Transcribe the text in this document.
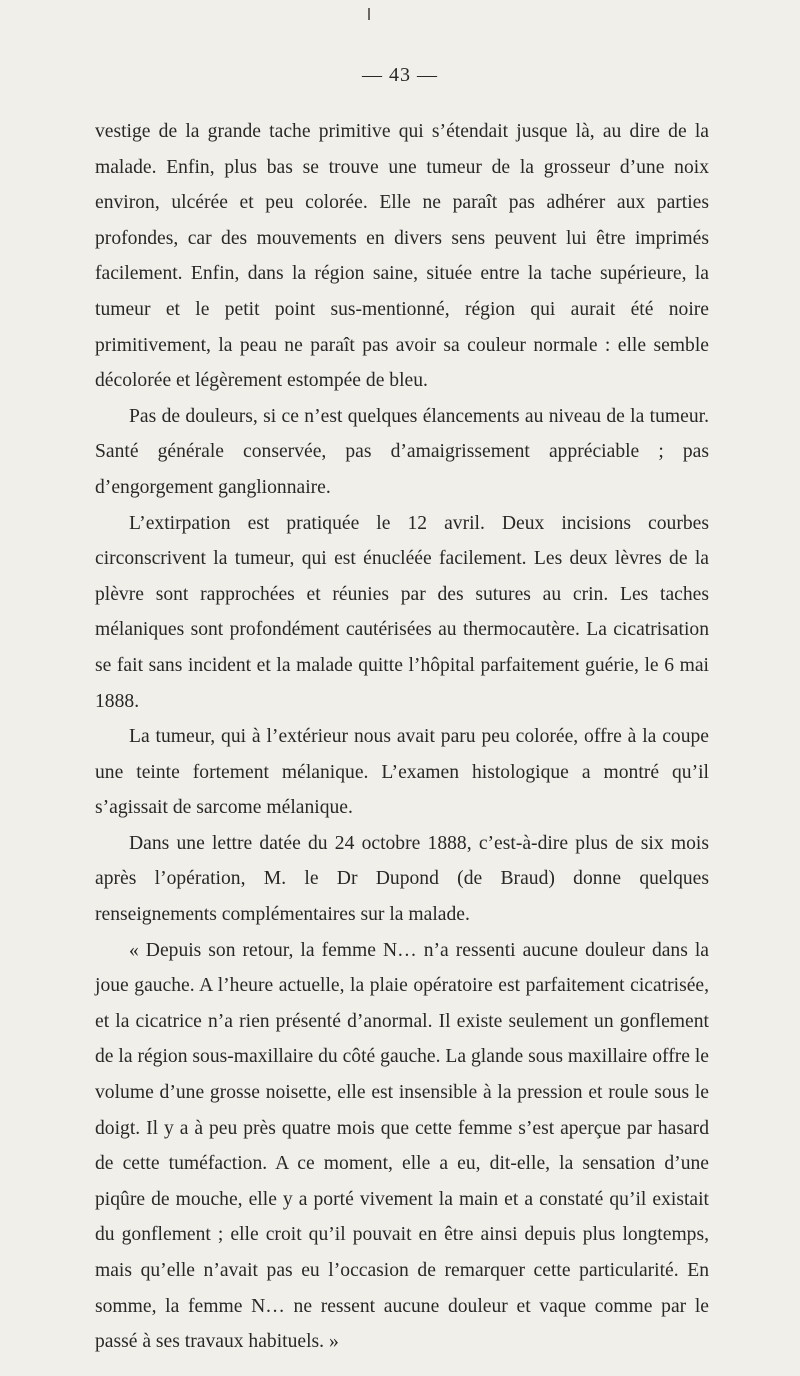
— 43 —

vestige de la grande tache primitive qui s’étendait jusque là, au dire de la malade. Enfin, plus bas se trouve une tumeur de la grosseur d’une noix environ, ulcérée et peu colorée. Elle ne paraît pas adhérer aux parties profondes, car des mouvements en divers sens peuvent lui être imprimés facilement. Enfin, dans la région saine, située entre la tache supérieure, la tumeur et le petit point sus-mentionné, région qui aurait été noire primitivement, la peau ne paraît pas avoir sa couleur normale : elle semble décolorée et légèrement estompée de bleu.

Pas de douleurs, si ce n’est quelques élancements au niveau de la tumeur. Santé générale conservée, pas d’amaigrissement appréciable ; pas d’engorgement ganglionnaire.

L’extirpation est pratiquée le 12 avril. Deux incisions courbes circonscrivent la tumeur, qui est énucléée facilement. Les deux lèvres de la plèvre sont rapprochées et réunies par des sutures au crin. Les taches mélaniques sont profondément cautérisées au thermocautère. La cicatrisation se fait sans incident et la malade quitte l’hôpital parfaitement guérie, le 6 mai 1888.

La tumeur, qui à l’extérieur nous avait paru peu colorée, offre à la coupe une teinte fortement mélanique. L’examen histologique a montré qu’il s’agissait de sarcome mélanique.

Dans une lettre datée du 24 octobre 1888, c’est-à-dire plus de six mois après l’opération, M. le Dr Dupond (de Braud) donne quelques renseignements complémentaires sur la malade.

« Depuis son retour, la femme N… n’a ressenti aucune douleur dans la joue gauche. A l’heure actuelle, la plaie opératoire est parfaitement cicatrisée, et la cicatrice n’a rien présenté d’anormal. Il existe seulement un gonflement de la région sous-maxillaire du côté gauche. La glande sous maxillaire offre le volume d’une grosse noisette, elle est insensible à la pression et roule sous le doigt. Il y a à peu près quatre mois que cette femme s’est aperçue par hasard de cette tuméfaction. A ce moment, elle a eu, dit-elle, la sensation d’une piqûre de mouche, elle y a porté vivement la main et a constaté qu’il existait du gonflement ; elle croit qu’il pouvait en être ainsi depuis plus longtemps, mais qu’elle n’avait pas eu l’occasion de remarquer cette particularité. En somme, la femme N… ne ressent aucune douleur et vaque comme par le passé à ses travaux habituels. »
